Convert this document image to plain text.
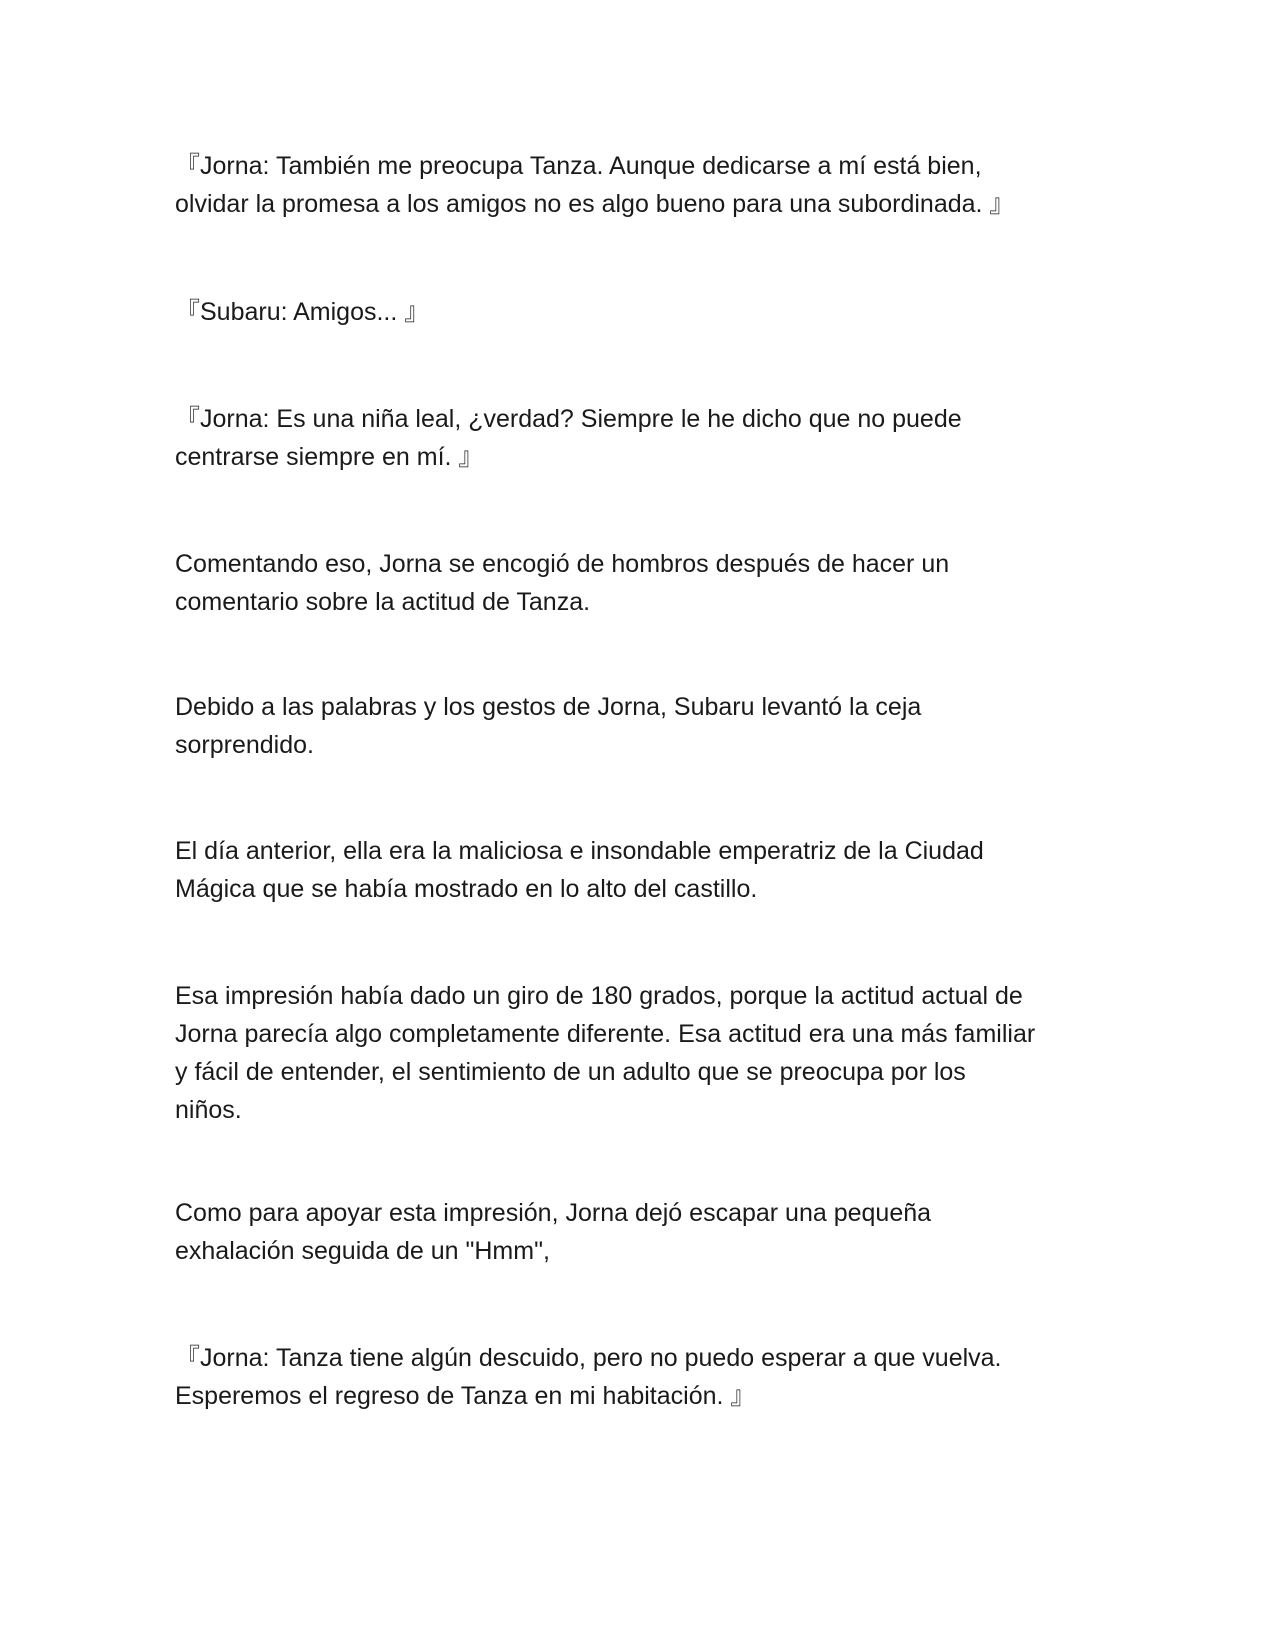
『Jorna: También me preocupa Tanza. Aunque dedicarse a mí está bien,
olvidar la promesa a los amigos no es algo bueno para una subordinada. 』

『Subaru: Amigos... 』

『Jorna: Es una niña leal, ¿verdad? Siempre le he dicho que no puede
centrarse siempre en mí. 』

Comentando eso, Jorna se encogió de hombros después de hacer un
comentario sobre la actitud de Tanza.

Debido a las palabras y los gestos de Jorna, Subaru levantó la ceja
sorprendido.

El día anterior, ella era la maliciosa e insondable emperatriz de la Ciudad
Mágica que se había mostrado en lo alto del castillo.

Esa impresión había dado un giro de 180 grados, porque la actitud actual de
Jorna parecía algo completamente diferente. Esa actitud era una más familiar
y fácil de entender, el sentimiento de un adulto que se preocupa por los
niños.

Como para apoyar esta impresión, Jorna dejó escapar una pequeña
exhalación seguida de un "Hmm",

『Jorna: Tanza tiene algún descuido, pero no puedo esperar a que vuelva.
Esperemos el regreso de Tanza en mi habitación. 』
